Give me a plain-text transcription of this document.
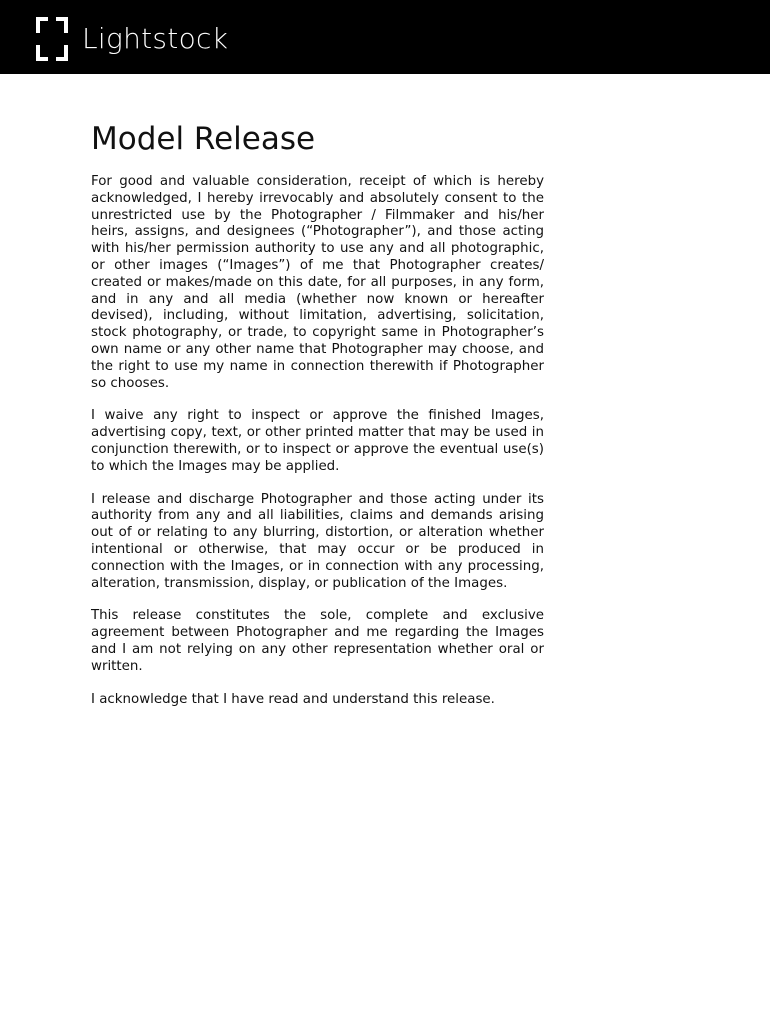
Lightstock
Model Release

For good and valuable consideration, receipt of which is hereby acknowledged, I hereby irrevocably and absolutely consent to the unrestricted use by the Photographer / Filmmaker and his/her heirs, assigns, and designees (“Photographer”), and those acting with his/her permission authority to use any and all photographic, or other images (“Images”) of me that Photographer creates/ created or makes/made on this date, for all purposes, in any form, and in any and all media (whether now known or hereafter devised), including, without limitation, advertising, solicitation, stock photography, or trade, to copyright same in Photographer’s own name or any other name that Photographer may choose, and the right to use my name in connection therewith if Photographer so chooses.

I waive any right to inspect or approve the finished Images, advertising copy, text, or other printed matter that may be used in conjunction therewith, or to inspect or approve the eventual use(s) to which the Images may be applied.

I release and discharge Photographer and those acting under its authority from any and all liabilities, claims and demands arising out of or relating to any blurring, distortion, or alteration whether intentional or otherwise, that may occur or be produced in connection with the Images, or in connection with any processing, alteration, transmission, display, or publication of the Images.

This release constitutes the sole, complete and exclusive agreement between Photographer and me regarding the Images and I am not relying on any other representation whether oral or written.

I acknowledge that I have read and understand this release.
